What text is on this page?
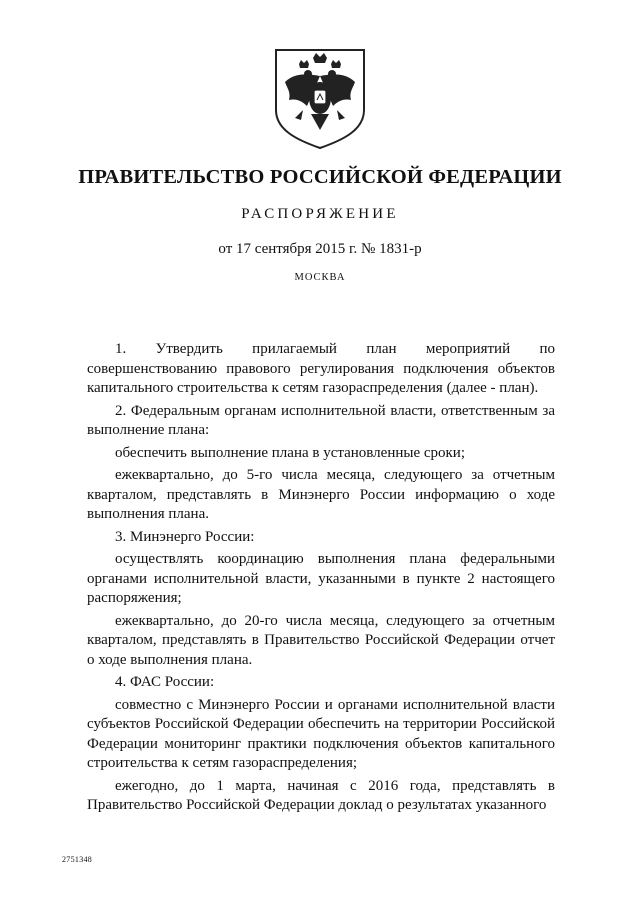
ПРАВИТЕЛЬСТВО РОССИЙСКОЙ ФЕДЕРАЦИИ
РАСПОРЯЖЕНИЕ
от 17 сентября 2015 г. № 1831-р
МОСКВА

1. Утвердить прилагаемый план мероприятий по совершенствованию правового регулирования подключения объектов капитального строительства к сетям газораспределения (далее - план).

2. Федеральным органам исполнительной власти, ответственным за выполнение плана:

обеспечить выполнение плана в установленные сроки;

ежеквартально, до 5-го числа месяца, следующего за отчетным кварталом, представлять в Минэнерго России информацию о ходе выполнения плана.

3. Минэнерго России:

осуществлять координацию выполнения плана федеральными органами исполнительной власти, указанными в пункте 2 настоящего распоряжения;

ежеквартально, до 20-го числа месяца, следующего за отчетным кварталом, представлять в Правительство Российской Федерации отчет о ходе выполнения плана.

4. ФАС России:

совместно с Минэнерго России и органами исполнительной власти субъектов Российской Федерации обеспечить на территории Российской Федерации мониторинг практики подключения объектов капитального строительства к сетям газораспределения;

ежегодно, до 1 марта, начиная с 2016 года, представлять в Правительство Российской Федерации доклад о результатах указанного

2751348
